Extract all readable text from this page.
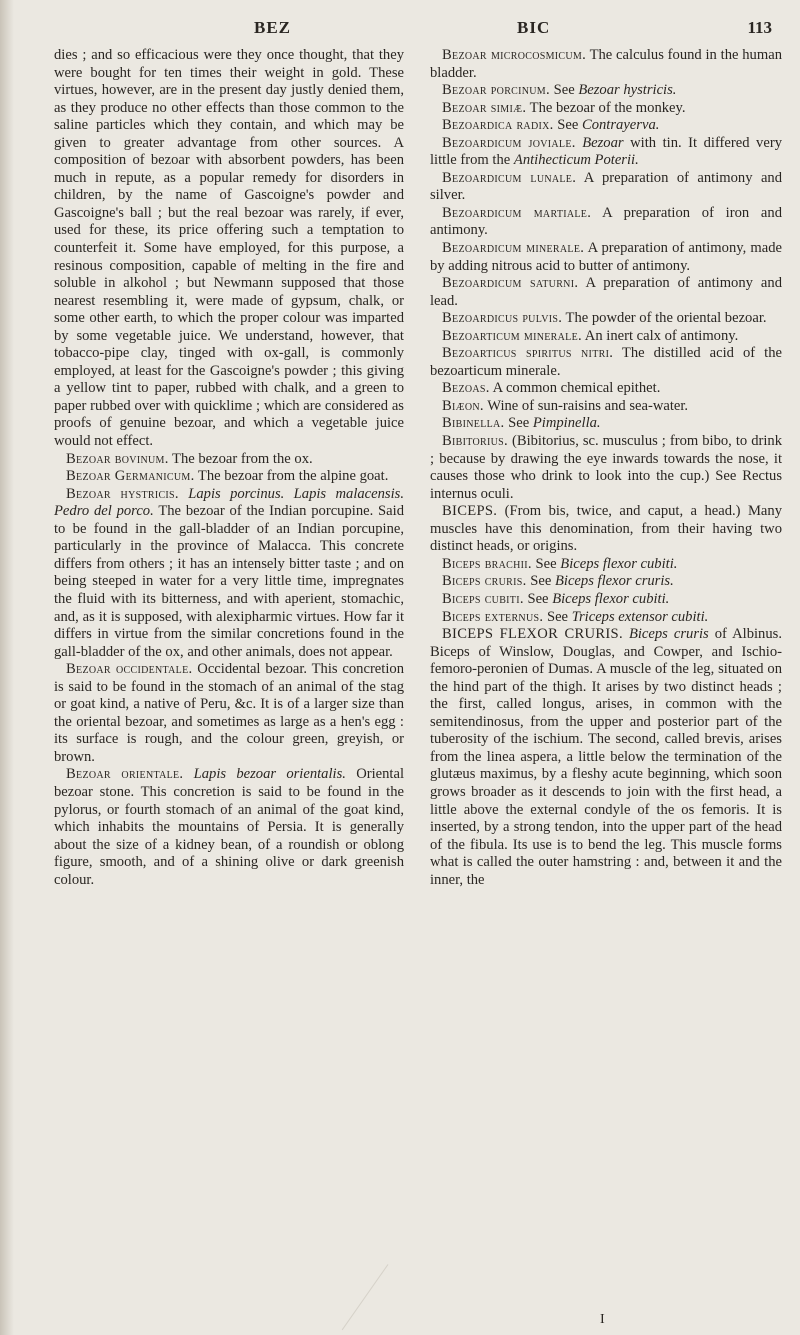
BEZ	BIC	113

dies ; and so efficacious were they once thought, that they were bought for ten times their weight in gold. These virtues, however, are in the present day justly denied them, as they produce no other effects than those common to the saline particles which they contain, and which may be given to greater advantage from other sources. A composition of bezoar with absorbent powders, has been much in repute, as a popular remedy for disorders in children, by the name of Gascoigne's powder and Gascoigne's ball ; but the real bezoar was rarely, if ever, used for these, its price offering such a temptation to counterfeit it. Some have employed, for this purpose, a resinous composition, capable of melting in the fire and soluble in alkohol ; but Newmann supposed that those nearest resembling it, were made of gypsum, chalk, or some other earth, to which the proper colour was imparted by some vegetable juice. We understand, however, that tobacco-pipe clay, tinged with ox-gall, is commonly employed, at least for the Gascoigne's powder ; this giving a yellow tint to paper, rubbed with chalk, and a green to paper rubbed over with quicklime ; which are considered as proofs of genuine bezoar, and which a vegetable juice would not effect.

Bezoar bovinum. The bezoar from the ox.

Bezoar Germanicum. The bezoar from the alpine goat.

Bezoar hystricis. Lapis porcinus. Lapis malacensis. Pedro del porco. The bezoar of the Indian porcupine. Said to be found in the gall-bladder of an Indian porcupine, particularly in the province of Malacca. This concrete differs from others ; it has an intensely bitter taste ; and on being steeped in water for a very little time, impregnates the fluid with its bitterness, and with aperient, stomachic, and, as it is supposed, with alexipharmic virtues. How far it differs in virtue from the similar concretions found in the gall-bladder of the ox, and other animals, does not appear.

Bezoar occidentale. Occidental bezoar. This concretion is said to be found in the stomach of an animal of the stag or goat kind, a native of Peru, &c. It is of a larger size than the oriental bezoar, and sometimes as large as a hen's egg : its surface is rough, and the colour green, greyish, or brown.

Bezoar orientale. Lapis bezoar orientalis. Oriental bezoar stone. This concretion is said to be found in the pylorus, or fourth stomach of an animal of the goat kind, which inhabits the mountains of Persia. It is generally about the size of a kidney bean, of a roundish or oblong figure, smooth, and of a shining olive or dark greenish colour.

Bezoar microcosmicum. The calculus found in the human bladder.

Bezoar porcinum. See Bezoar hystricis.

Bezoar simiæ. The bezoar of the monkey.

Bezoardica radix. See Contrayerva.

Bezoardicum joviale. Bezoar with tin. It differed very little from the Antihecticum Poterii.

Bezoardicum lunale. A preparation of antimony and silver.

Bezoardicum martiale. A preparation of iron and antimony.

Bezoardicum minerale. A preparation of antimony, made by adding nitrous acid to butter of antimony.

Bezoardicum saturni. A preparation of antimony and lead.

Bezoardicus pulvis. The powder of the oriental bezoar.

Bezoarticum minerale. An inert calx of antimony.

Bezoarticus spiritus nitri. The distilled acid of the bezoarticum minerale.

Bezoas. A common chemical epithet.

Biæon. Wine of sun-raisins and sea-water.

Bibinella. See Pimpinella.

Bibitorius. (Bibitorius, sc. musculus ; from bibo, to drink ; because by drawing the eye inwards towards the nose, it causes those who drink to look into the cup.) See Rectus internus oculi.

BICEPS. (From bis, twice, and caput, a head.) Many muscles have this denomination, from their having two distinct heads, or origins.

Biceps brachii. See Biceps flexor cubiti.

Biceps cruris. See Biceps flexor cruris.

Biceps cubiti. See Biceps flexor cubiti.

Biceps externus. See Triceps extensor cubiti.

BICEPS FLEXOR CRURIS. Biceps cruris of Albinus. Biceps of Winslow, Douglas, and Cowper, and Ischio-femoro-peronien of Dumas. A muscle of the leg, situated on the hind part of the thigh. It arises by two distinct heads ; the first, called longus, arises, in common with the semitendinosus, from the upper and posterior part of the tuberosity of the ischium. The second, called brevis, arises from the linea aspera, a little below the termination of the glutæus maximus, by a fleshy acute beginning, which soon grows broader as it descends to join with the first head, a little above the external condyle of the os femoris. It is inserted, by a strong tendon, into the upper part of the head of the fibula. Its use is to bend the leg. This muscle forms what is called the outer hamstring : and, between it and the inner, the

I
